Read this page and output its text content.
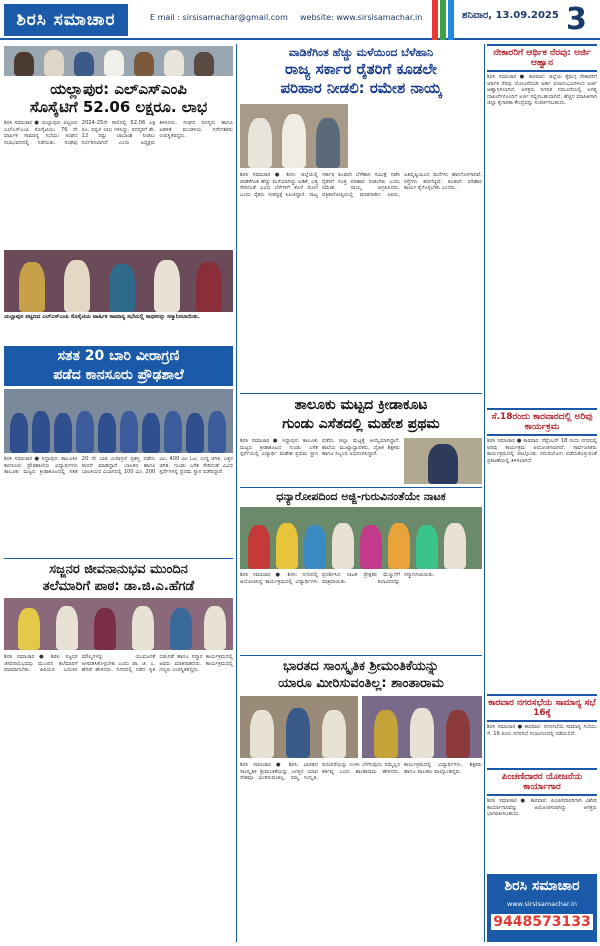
ಶಿರಸಿ ಸಮಾಚಾರ	E mail : sirsisamachar@gmail.com website: www.sirsisamachar.in	ಶನಿವಾರ, 13.09.2025 3
ಯಲ್ಲಾಪುರ: ಎಲ್‌ಎಸ್‌ಎಂಪಿ
ಸೊಸೈಟಿಗೆ 52.06 ಲಕ್ಷರೂ. ಲಾಭ
ಶಿರಸಿ ಸಮಾಚಾರ ● ಯಲ್ಲಾಪುರ: ಪಟ್ಟಣದ ಎಲ್‌ಎಸ್‌ಎಂಪಿ ಸೊಸೈಟಿಯು 76 ನೇ ವಾರ್ಷಿಕ ಸಾಮಾನ್ಯ ಸಭೆಯು ಸಂಘದ ಸಭಾಭವನದಲ್ಲಿ ನಡೆಯಿತು. ಸಂಘವು 2024-25ನೇ ಸಾಲಿನಲ್ಲಿ 52.06 ಲಕ್ಷ ರೂ. ನಿವ್ವಳ ಲಾಭ ಗಳಿಸಿದ್ದು, ಸದಸ್ಯರಿಗೆ ಶೇ. 12 ರಷ್ಟು ಲಾಭಾಂಶ ನೀಡಲು ನಿರ್ಧರಿಸಲಾಗಿದೆ ಎಂದು ಅಧ್ಯಕ್ಷರು ತಿಳಿಸಿದರು. ಸಂಘದ ಸದಸ್ಯರು ಹಾಗೂ ಆಡಳಿತ ಮಂಡಳಿಯ ನಿರ್ದೇಶಕರು ಉಪಸ್ಥಿತರಿದ್ದರು.
ಯಲ್ಲಾಪುರ ಪಟ್ಟಣದ ಎಲ್‌ಎಸ್‌ಎಂಪಿ ಸೊಸೈಟಿಯ ವಾರ್ಷಿಕ ಸಾಮಾನ್ಯ ಸಭೆಯಲ್ಲಿ ಸಾಧಕರನ್ನು ಸನ್ಮಾನಿಸಲಾಯಿತು.
ಸತತ 20 ಬಾರಿ ವೀರಾಗ್ರಣಿ
ಪಡೆದ ಕಾನಸೂರು ಪ್ರೌಢಶಾಲೆ
ಶಿರಸಿ ಸಮಾಚಾರ ● ಸಿದ್ದಾಪುರ: ತಾಲೂಕಿನ ಕಾನಸೂರು ಪ್ರೌಢಶಾಲೆಯ ವಿದ್ಯಾರ್ಥಿಗಳು ತಾಲೂಕು ಮಟ್ಟದ ಕ್ರೀಡಾಕೂಟದಲ್ಲಿ ಸತತ 20 ನೇ ಬಾರಿ ವೀರಾಗ್ರಣಿ ಪ್ರಶಸ್ತಿ ಪಡೆದು ಸಾಧನೆ ಮಾಡಿದ್ದಾರೆ. ಬಾಲಕರ ಹಾಗೂ ಬಾಲಕಿಯರ ವಿಭಾಗದಲ್ಲಿ 100 ಮೀ, 200 ಮೀ, 400 ಮೀ ಓಟ, ಉದ್ದ ಜಿಗಿತ, ಎತ್ತರ ಜಿಗಿತ, ಗುಂಡು ಎಸೆತ ಸೇರಿದಂತೆ ವಿವಿಧ ಸ್ಪರ್ಧೆಗಳಲ್ಲಿ ಪ್ರಥಮ ಸ್ಥಾನ ಪಡೆದಿದ್ದಾರೆ.
ಸಜ್ಜನರ ಜೀವನಾನುಭವ ಮುಂದಿನ
ತಲೆಮಾರಿಗೆ ಪಾಠ: ಡಾ.ಜಿ.ಎ.ಹೆಗಡೆ
ಶಿರಸಿ ಸಮಾಚಾರ ● ಶಿರಸಿ: ಸಜ್ಜನರ ಜೀವನಾನುಭವವು ಮುಂದಿನ ತಲೆಮಾರಿಗೆ ಪಾಠವಾಗಬೇಕು. ಹಿರಿಯರ ಬದುಕಿನ ಮೌಲ್ಯಗಳನ್ನು ಯುವಜನತೆ ಅಳವಡಿಸಿಕೊಳ್ಳಬೇಕು ಎಂದು ಡಾ. ಜಿ. ಎ. ಹೆಗಡೆ ಹೇಳಿದರು. ನಗರದಲ್ಲಿ ನಡೆದ ಕೃತಿ ಬಿಡುಗಡೆ ಹಾಗೂ ಸನ್ಮಾನ ಕಾರ್ಯಕ್ರಮದಲ್ಲಿ ಅವರು ಮಾತನಾಡಿದರು. ಕಾರ್ಯಕ್ರಮದಲ್ಲಿ ಗಣ್ಯರು ಉಪಸ್ಥಿತರಿದ್ದರು.
ವಾಡಿಕೆಗಿಂತ ಹೆಚ್ಚು ಮಳೆಯಿಂದ ಬೆಳೆಹಾನಿ
ರಾಜ್ಯ ಸರ್ಕಾರ ರೈತರಿಗೆ ಕೂಡಲೇ
ಪರಿಹಾರ ನೀಡಲಿ: ರಮೇಶ ನಾಯ್ಕ
ಶಿರಸಿ ಸಮಾಚಾರ ● ಶಿರಸಿ: ಜಿಲ್ಲೆಯಲ್ಲಿ ವಾಡಿಕೆಗಿಂತ ಹೆಚ್ಚು ಮಳೆಯಾಗಿದ್ದು ಅಡಿಕೆ, ಭತ್ತ ಸೇರಿದಂತೆ ವಿವಿಧ ಬೆಳೆಗಳಿಗೆ ಕೊಳೆ ರೋಗ ಬಂದು ರೈತರು ಸಂಕಷ್ಟಕ್ಕೆ ಸಿಲುಕಿದ್ದಾರೆ. ರಾಜ್ಯ ಸರ್ಕಾರ ಕೂಡಲೇ ಬೆಳೆಹಾನಿ ಸಮೀಕ್ಷೆ ನಡೆಸಿ ರೈತರಿಗೆ ಸೂಕ್ತ ಪರಿಹಾರ ನೀಡಬೇಕು ಎಂದು ರಮೇಶ ನಾಯ್ಕ ಆಗ್ರಹಿಸಿದರು. ಪತ್ರಿಕಾಗೋಷ್ಠಿಯಲ್ಲಿ ಮಾತನಾಡಿದ ಅವರು, ಅತಿವೃಷ್ಟಿಯಿಂದ ಮನೆಗಳು ಹಾನಿಗೊಳಗಾಗಿವೆ, ರಸ್ತೆಗಳು ಹದಗೆಟ್ಟಿವೆ. ಕೂಡಲೇ ಪರಿಹಾರ ಕಾರ್ಯ ಕೈಗೊಳ್ಳಬೇಕು ಎಂದರು.
ತಾಲೂಕು ಮಟ್ಟದ ಕ್ರೀಡಾಕೂಟ
ಗುಂಡು ಎಸೆತದಲ್ಲಿ ಮಹೇಶ ಪ್ರಥಮ
ಶಿರಸಿ ಸಮಾಚಾರ ● ಸಿದ್ದಾಪುರ: ತಾಲೂಕು ಮಟ್ಟದ ಕ್ರೀಡಾಕೂಟದ ಗುಂಡು ಎಸೆತ ಸ್ಪರ್ಧೆಯಲ್ಲಿ ವಿದ್ಯಾರ್ಥಿ ಮಹೇಶ ಪ್ರಥಮ ಸ್ಥಾನ ಪಡೆದು ಜಿಲ್ಲಾ ಮಟ್ಟಕ್ಕೆ ಆಯ್ಕೆಯಾಗಿದ್ದಾನೆ. ಶಾಲೆಯ ಮುಖ್ಯಾಧ್ಯಾಪಕರು, ದೈಹಿಕ ಶಿಕ್ಷಕರು ಹಾಗೂ ಸಿಬ್ಬಂದಿ ಅಭಿನಂದಿಸಿದ್ದಾರೆ.
ಧನ್ಯಾರೋಪದಿಂದ ಅಜ್ಜಿ-ಗುರುವಿನಂತೆಯೇ ನಾಟಕ
ಶಿರಸಿ ಸಮಾಚಾರ ● ಶಿರಸಿ: ನಗರದಲ್ಲಿ ಆಯೋಜಿಸಿದ್ದ ಕಾರ್ಯಕ್ರಮದಲ್ಲಿ ವಿದ್ಯಾರ್ಥಿಗಳು ಪ್ರದರ್ಶಿಸಿದ ನಾಟಕ ಪ್ರೇಕ್ಷಕರ ಮೆಚ್ಚುಗೆಗೆ ಪಾತ್ರವಾಯಿತು. ಕಲಾವಿದರನ್ನು ಸನ್ಮಾನಿಸಲಾಯಿತು.
ಭಾರತದ ಸಾಂಸ್ಕೃತಿಕ ಶ್ರೀಮಂತಿಕೆಯನ್ನು
ಯಾರೂ ಮೀರಿಸುವಂತಿಲ್ಲ: ಶಾಂತಾರಾಮ
ಶಿರಸಿ ಸಮಾಚಾರ ● ಶಿರಸಿ: ಭಾರತದ ಸಾಂಸ್ಕೃತಿಕ ಶ್ರೀಮಂತಿಕೆಯನ್ನು ಜಗತ್ತಿನ ಯಾವ ದೇಶವೂ ಮೀರಿಸುವಂತಿಲ್ಲ. ನಮ್ಮ ಸಂಸ್ಕೃತಿ, ಪರಂಪರೆಯನ್ನು ಉಳಿಸಿ ಬೆಳೆಸುವುದು ನಮ್ಮೆಲ್ಲರ ಕರ್ತವ್ಯ ಎಂದು ಶಾಂತಾರಾಮ ಹೇಳಿದರು. ಕಾರ್ಯಕ್ರಮದಲ್ಲಿ ವಿದ್ಯಾರ್ಥಿಗಳು, ಶಿಕ್ಷಕರು ಹಾಗೂ ಪಾಲಕರು ಪಾಲ್ಗೊಂಡಿದ್ದರು.
ನೇಕಾರರಿಗೆ ಆರ್ಥಿಕ ನೆರವು: ಅರ್ಜಿ ಆಹ್ವಾನ
ಶಿರಸಿ ಸಮಾಚಾರ ● ಕಾರವಾರ: ಜಿಲ್ಲೆಯ ಕೈಮಗ್ಗ ನೇಕಾರರಿಗೆ ಆರ್ಥಿಕ ನೆರವು ಯೋಜನೆಯಡಿ ಅರ್ಹ ಫಲಾನುಭವಿಗಳಿಂದ ಅರ್ಜಿ ಆಹ್ವಾನಿಸಲಾಗಿದೆ. ಆಸಕ್ತರು ನಿಗದಿತ ನಮೂನೆಯಲ್ಲಿ ಅಗತ್ಯ ದಾಖಲೆಗಳೊಂದಿಗೆ ಅರ್ಜಿ ಸಲ್ಲಿಸಬಹುದಾಗಿದೆ. ಹೆಚ್ಚಿನ ಮಾಹಿತಿಗಾಗಿ ಜಿಲ್ಲಾ ಕೈಗಾರಿಕಾ ಕೇಂದ್ರವನ್ನು ಸಂಪರ್ಕಿಸಬಹುದು.
ಸೆ.18ರಂದು ಕಾರವಾರದಲ್ಲಿ ಅರಿವು ಕಾರ್ಯಕ್ರಮ
ಶಿರಸಿ ಸಮಾಚಾರ ● ಕಾರವಾರ: ಸೆಪ್ಟೆಂಬರ್ 18 ರಂದು ನಗರದಲ್ಲಿ ಅರಿವು ಕಾರ್ಯಕ್ರಮ ಆಯೋಜಿಸಲಾಗಿದೆ. ಸಾರ್ವಜನಿಕರು ಕಾರ್ಯಕ್ರಮದಲ್ಲಿ ಪಾಲ್ಗೊಂಡು ಸದುಪಯೋಗ ಪಡೆದುಕೊಳ್ಳುವಂತೆ ಪ್ರಕಟಣೆಯಲ್ಲಿ ತಿಳಿಸಲಾಗಿದೆ.
ಕಾರವಾರ ನಗರಸಭೆಯ ಸಾಮಾನ್ಯ ಸಭೆ 16ಕ್ಕೆ
ಶಿರಸಿ ಸಮಾಚಾರ ● ಕಾರವಾರ: ನಗರಸಭೆಯ ಸಾಮಾನ್ಯ ಸಭೆಯು ಸೆ. 16 ರಂದು ನಗರಸಭೆ ಸಭಾಂಗಣದಲ್ಲಿ ನಡೆಯಲಿದೆ.
ಪಿಂಚಣಿದಾರರ ಯೋಜನೆಯ ಕಾರ್ಯಾಗಾರ
ಶಿರಸಿ ಸಮಾಚಾರ ● ಕಾರವಾರ: ಪಿಂಚಣಿದಾರರಿಗಾಗಿ ವಿಶೇಷ ಕಾರ್ಯಾಗಾರವನ್ನು ಆಯೋಜಿಸಲಾಗಿದ್ದು ಆಸಕ್ತರು ಭಾಗವಹಿಸಬಹುದು.
ಶಿರಸಿ ಸಮಾಚಾರ
www.sirsisamachar.in
9448573133
